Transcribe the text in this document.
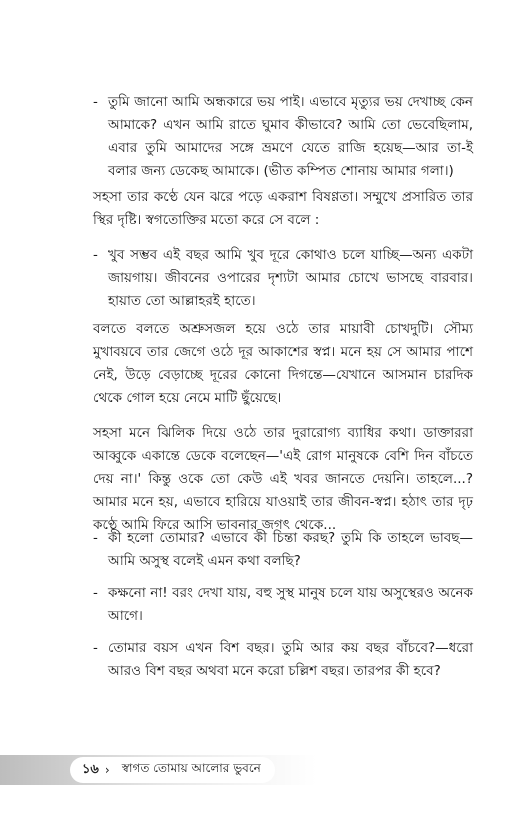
- তুমি জানো আমি অন্ধকারে ভয় পাই। এভাবে মৃত্যুর ভয় দেখাচ্ছ কেন আমাকে? এখন আমি রাতে ঘুমাব কীভাবে? আমি তো ভেবেছিলাম, এবার তুমি আমাদের সঙ্গে ভ্রমণে যেতে রাজি হয়েছ—আর তা-ই বলার জন্য ডেকেছ আমাকে। (ভীত কম্পিত শোনায় আমার গলা।)

সহসা তার কণ্ঠে যেন ঝরে পড়ে একরাশ বিষণ্ণতা। সম্মুখে প্রসারিত তার স্থির দৃষ্টি। স্বগতোক্তির মতো করে সে বলে :

- খুব সম্ভব এই বছর আমি খুব দূরে কোথাও চলে যাচ্ছি—অন্য একটা জায়গায়। জীবনের ওপারের দৃশ্যটা আমার চোখে ভাসছে বারবার। হায়াত তো আল্লাহরই হাতে।

বলতে বলতে অশ্রুসজল হয়ে ওঠে তার মায়াবী চোখদুটি। সৌম্য মুখাবয়বে তার জেগে ওঠে দূর আকাশের স্বপ্ন। মনে হয় সে আমার পাশে নেই, উড়ে বেড়াচ্ছে দূরের কোনো দিগন্তে—যেখানে আসমান চারদিক থেকে গোল হয়ে নেমে মাটি ছুঁয়েছে।

সহসা মনে ঝিলিক দিয়ে ওঠে তার দুরারোগ্য ব্যাধির কথা। ডাক্তাররা আব্বুকে একান্তে ডেকে বলেছেন—'এই রোগ মানুষকে বেশি দিন বাঁচতে দেয় না।' কিন্তু ওকে তো কেউ এই খবর জানতে দেয়নি। তাহলে...? আমার মনে হয়, এভাবে হারিয়ে যাওয়াই তার জীবন-স্বপ্ন। হঠাৎ তার দৃঢ় কণ্ঠে আমি ফিরে আসি ভাবনার জগৎ থেকে...

- কী হলো তোমার? এভাবে কী চিন্তা করছ? তুমি কি তাহলে ভাবছ—আমি অসুস্থ বলেই এমন কথা বলছি?

- কক্ষনো না! বরং দেখা যায়, বহু সুস্থ মানুষ চলে যায় অসুস্থেরও অনেক আগে।

- তোমার বয়স এখন বিশ বছর। তুমি আর কয় বছর বাঁচবে?—ধরো আরও বিশ বছর অথবা মনে করো চল্লিশ বছর। তারপর কী হবে?

১৬ › স্বাগত তোমায় আলোর ভুবনে
